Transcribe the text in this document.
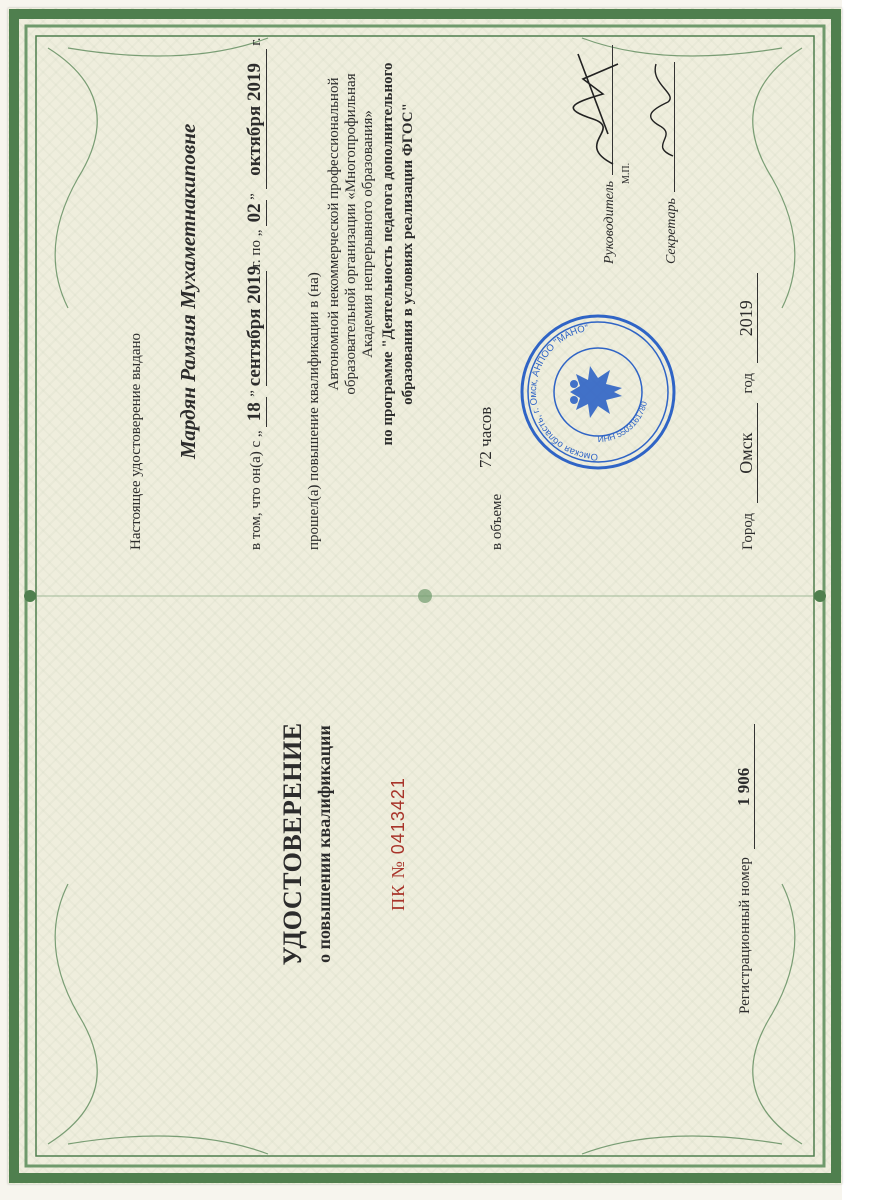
УДОСТОВЕРЕНИЕ о повышении квалификации	ПК № 0413421
Регистрационный номер 1 906
Настоящее удостоверение выдано Мардян Рамзия Мухаметнакиповне
в том, что он(а) с „ 18” сентября 2019 г. по „ 02” октября 2019 г.
прошел(а) повышение квалификации в (на)
Автономной некоммерческой профессиональной образовательной организации «Многопрофильная Академия непрерывного образования»
по программе "Деятельность педагога дополнительного образования в условиях реализации ФГОС"
в объеме 72 часов	Омская область, г. Омск, АНПОО "МАНО"
ИНН 5503161780
Руководитель
М.П.
Секретарь
Город Омск год 2019
